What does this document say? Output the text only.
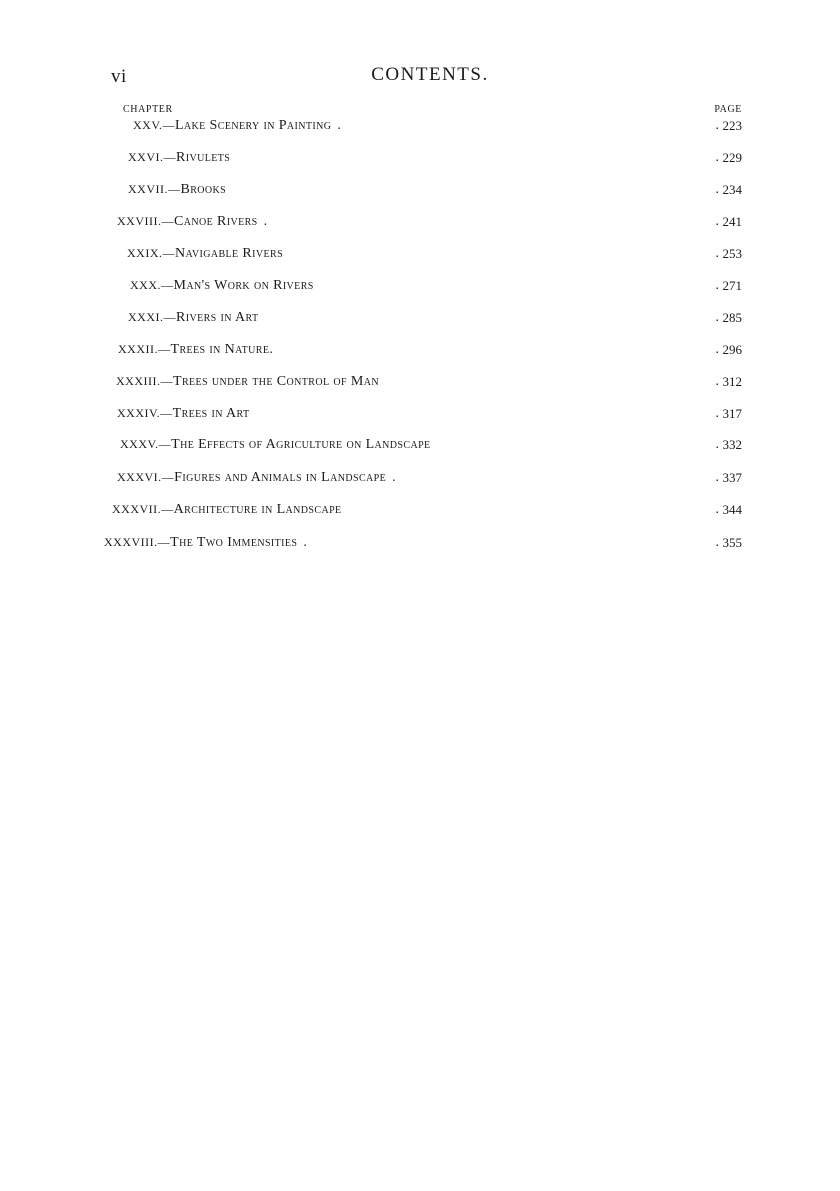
vi	CONTENTS.
CHAPTER	PAGE
XXV.—Lake Scenery in Painting .	. 223
XXVI.—Rivulets	. 229
XXVII.—Brooks	. 234
XXVIII.—Canoe Rivers .	. 241
XXIX.—Navigable Rivers	. 253
XXX.—Man's Work on Rivers	. 271
XXXI.—Rivers in Art	. 285
XXXII.—Trees in Nature.	. 296
XXXIII.—Trees under the Control of Man	. 312
XXXIV.—Trees in Art	. 317
XXXV.—The Effects of Agriculture on Landscape	. 332
XXXVI.—Figures and Animals in Landscape .	. 337
XXXVII.—Architecture in Landscape	. 344
XXXVIII.—The Two Immensities .	. 355
